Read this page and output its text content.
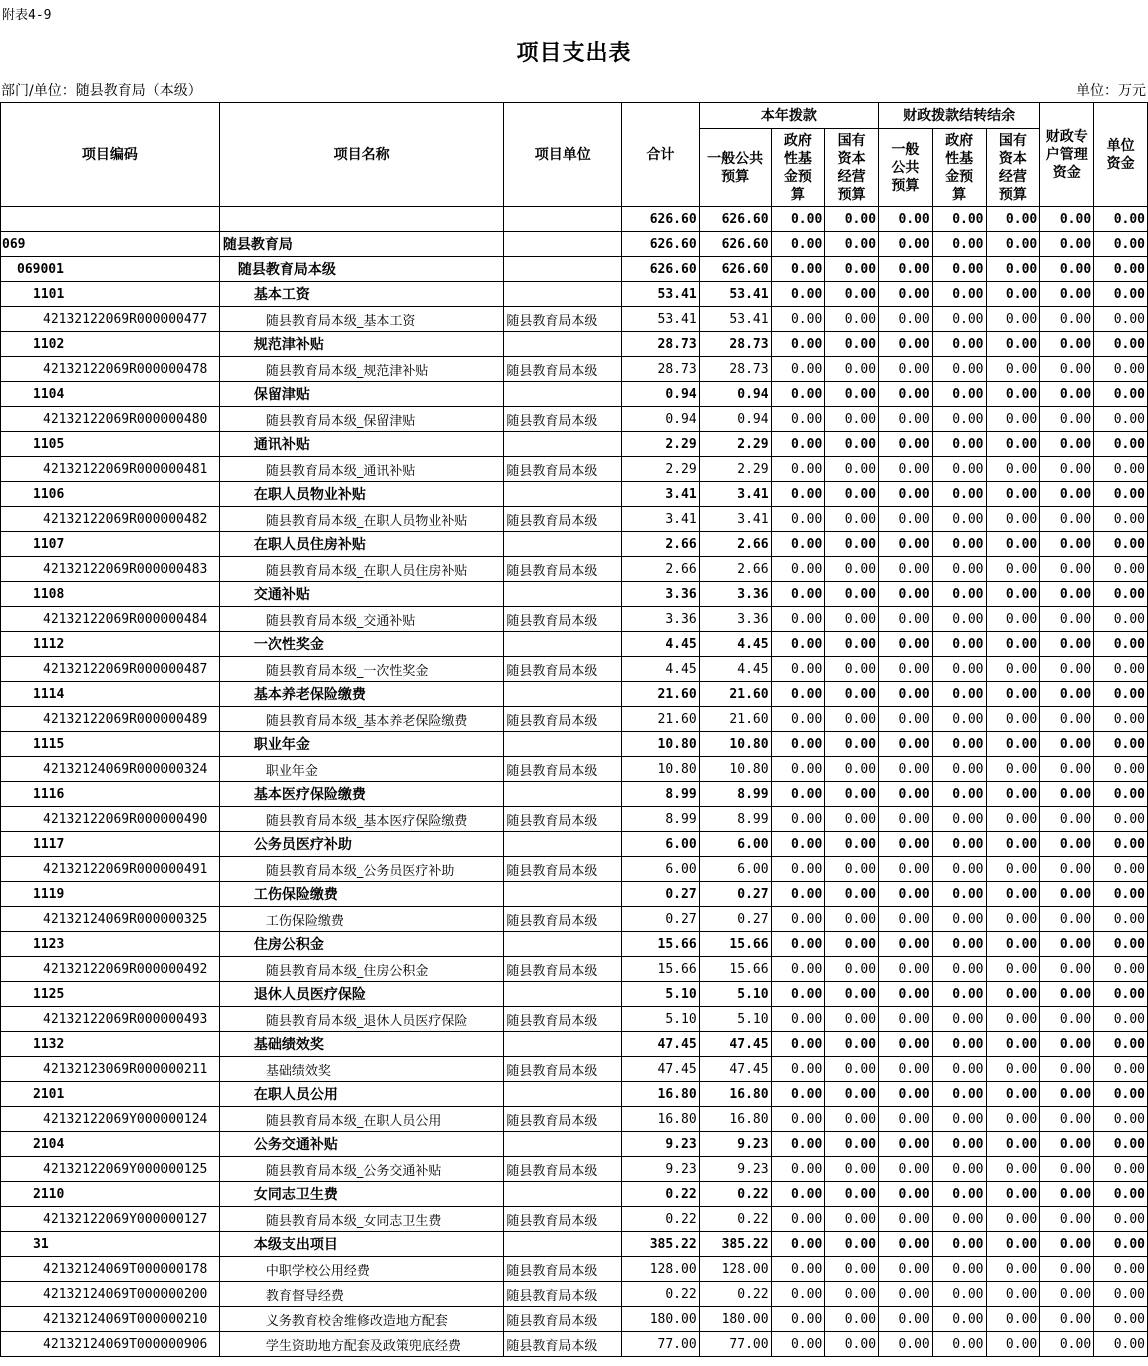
附表4-9
项目支出表
部门/单位：随县教育局（本级）	单位：万元
项目编码	项目名称	项目单位	合计	本年拨款			财政拨款结转结余			财政专户管理资金	单位资金

				一般公共预算	政府性基金预算	国有资本经营预算	一般公共预算	政府性基金预算	国有资本经营预算		

			626.60	626.60	0.00	0.00	0.00	0.00	0.00	0.00	0.00
069	随县教育局		626.60	626.60	0.00	0.00	0.00	0.00	0.00	0.00	0.00
069001	随县教育局本级		626.60	626.60	0.00	0.00	0.00	0.00	0.00	0.00	0.00
1101	基本工资		53.41	53.41	0.00	0.00	0.00	0.00	0.00	0.00	0.00
42132122069R000000477	随县教育局本级_基本工资	随县教育局本级	53.41	53.41	0.00	0.00	0.00	0.00	0.00	0.00	0.00
1102	规范津补贴		28.73	28.73	0.00	0.00	0.00	0.00	0.00	0.00	0.00
42132122069R000000478	随县教育局本级_规范津补贴	随县教育局本级	28.73	28.73	0.00	0.00	0.00	0.00	0.00	0.00	0.00
1104	保留津贴		0.94	0.94	0.00	0.00	0.00	0.00	0.00	0.00	0.00
42132122069R000000480	随县教育局本级_保留津贴	随县教育局本级	0.94	0.94	0.00	0.00	0.00	0.00	0.00	0.00	0.00
1105	通讯补贴		2.29	2.29	0.00	0.00	0.00	0.00	0.00	0.00	0.00
42132122069R000000481	随县教育局本级_通讯补贴	随县教育局本级	2.29	2.29	0.00	0.00	0.00	0.00	0.00	0.00	0.00
1106	在职人员物业补贴		3.41	3.41	0.00	0.00	0.00	0.00	0.00	0.00	0.00
42132122069R000000482	随县教育局本级_在职人员物业补贴	随县教育局本级	3.41	3.41	0.00	0.00	0.00	0.00	0.00	0.00	0.00
1107	在职人员住房补贴		2.66	2.66	0.00	0.00	0.00	0.00	0.00	0.00	0.00
42132122069R000000483	随县教育局本级_在职人员住房补贴	随县教育局本级	2.66	2.66	0.00	0.00	0.00	0.00	0.00	0.00	0.00
1108	交通补贴		3.36	3.36	0.00	0.00	0.00	0.00	0.00	0.00	0.00
42132122069R000000484	随县教育局本级_交通补贴	随县教育局本级	3.36	3.36	0.00	0.00	0.00	0.00	0.00	0.00	0.00
1112	一次性奖金		4.45	4.45	0.00	0.00	0.00	0.00	0.00	0.00	0.00
42132122069R000000487	随县教育局本级_一次性奖金	随县教育局本级	4.45	4.45	0.00	0.00	0.00	0.00	0.00	0.00	0.00
1114	基本养老保险缴费		21.60	21.60	0.00	0.00	0.00	0.00	0.00	0.00	0.00
42132122069R000000489	随县教育局本级_基本养老保险缴费	随县教育局本级	21.60	21.60	0.00	0.00	0.00	0.00	0.00	0.00	0.00
1115	职业年金		10.80	10.80	0.00	0.00	0.00	0.00	0.00	0.00	0.00
42132124069R000000324	职业年金	随县教育局本级	10.80	10.80	0.00	0.00	0.00	0.00	0.00	0.00	0.00
1116	基本医疗保险缴费		8.99	8.99	0.00	0.00	0.00	0.00	0.00	0.00	0.00
42132122069R000000490	随县教育局本级_基本医疗保险缴费	随县教育局本级	8.99	8.99	0.00	0.00	0.00	0.00	0.00	0.00	0.00
1117	公务员医疗补助		6.00	6.00	0.00	0.00	0.00	0.00	0.00	0.00	0.00
42132122069R000000491	随县教育局本级_公务员医疗补助	随县教育局本级	6.00	6.00	0.00	0.00	0.00	0.00	0.00	0.00	0.00
1119	工伤保险缴费		0.27	0.27	0.00	0.00	0.00	0.00	0.00	0.00	0.00
42132124069R000000325	工伤保险缴费	随县教育局本级	0.27	0.27	0.00	0.00	0.00	0.00	0.00	0.00	0.00
1123	住房公积金		15.66	15.66	0.00	0.00	0.00	0.00	0.00	0.00	0.00
42132122069R000000492	随县教育局本级_住房公积金	随县教育局本级	15.66	15.66	0.00	0.00	0.00	0.00	0.00	0.00	0.00
1125	退休人员医疗保险		5.10	5.10	0.00	0.00	0.00	0.00	0.00	0.00	0.00
42132122069R000000493	随县教育局本级_退休人员医疗保险	随县教育局本级	5.10	5.10	0.00	0.00	0.00	0.00	0.00	0.00	0.00
1132	基础绩效奖		47.45	47.45	0.00	0.00	0.00	0.00	0.00	0.00	0.00
42132123069R000000211	基础绩效奖	随县教育局本级	47.45	47.45	0.00	0.00	0.00	0.00	0.00	0.00	0.00
2101	在职人员公用		16.80	16.80	0.00	0.00	0.00	0.00	0.00	0.00	0.00
42132122069Y000000124	随县教育局本级_在职人员公用	随县教育局本级	16.80	16.80	0.00	0.00	0.00	0.00	0.00	0.00	0.00
2104	公务交通补贴		9.23	9.23	0.00	0.00	0.00	0.00	0.00	0.00	0.00
42132122069Y000000125	随县教育局本级_公务交通补贴	随县教育局本级	9.23	9.23	0.00	0.00	0.00	0.00	0.00	0.00	0.00
2110	女同志卫生费		0.22	0.22	0.00	0.00	0.00	0.00	0.00	0.00	0.00
42132122069Y000000127	随县教育局本级_女同志卫生费	随县教育局本级	0.22	0.22	0.00	0.00	0.00	0.00	0.00	0.00	0.00
31	本级支出项目		385.22	385.22	0.00	0.00	0.00	0.00	0.00	0.00	0.00
42132124069T000000178	中职学校公用经费	随县教育局本级	128.00	128.00	0.00	0.00	0.00	0.00	0.00	0.00	0.00
42132124069T000000200	教育督导经费	随县教育局本级	0.22	0.22	0.00	0.00	0.00	0.00	0.00	0.00	0.00
42132124069T000000210	义务教育校舍维修改造地方配套	随县教育局本级	180.00	180.00	0.00	0.00	0.00	0.00	0.00	0.00	0.00
42132124069T000000906	学生资助地方配套及政策兜底经费	随县教育局本级	77.00	77.00	0.00	0.00	0.00	0.00	0.00	0.00	0.00
